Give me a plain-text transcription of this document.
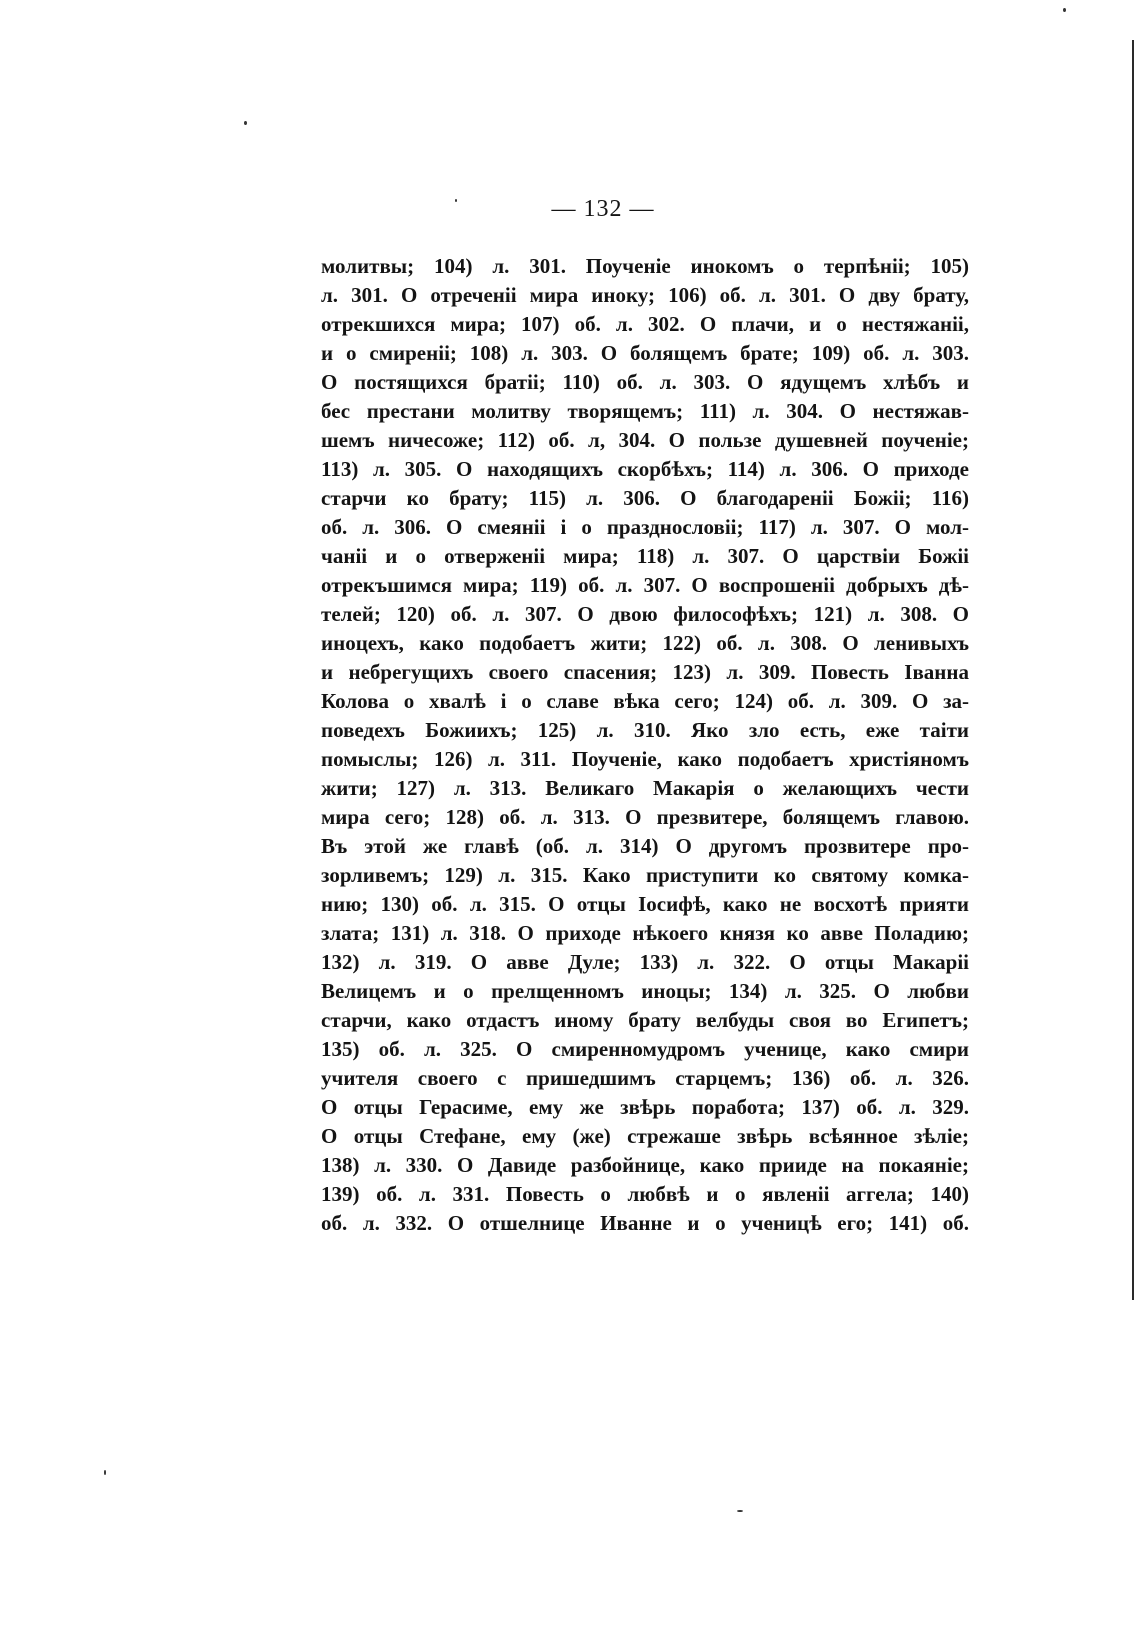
— 132 —
молитвы; 104) л. 301. Поученіе инокомъ о терпѣніі; 105)
л. 301. О отреченіі мира иноку; 106) об. л. 301. О дву брату,
отрекшихся мира; 107) об. л. 302. О плачи, и о нестяжаніі,
и о смиреніі; 108) л. 303. О болящемъ брате; 109) об. л. 303.
О постящихся братіі; 110) об. л. 303. О ядущемъ хлѣбъ и
бес престани молитву творящемъ; 111) л. 304. О нестяжав-
шемъ ничесоже; 112) об. л, 304. О пользе душевней поученіе;
113) л. 305. О находящихъ скорбѣхъ; 114) л. 306. О приходе
старчи ко брату; 115) л. 306. О благодареніі Божіі; 116)
об. л. 306. О смеяніі і о празднословіі; 117) л. 307. О мол-
чаніі и о отверженіі мира; 118) л. 307. О царствіи Божіі
отрекъшимся мира; 119) об. л. 307. О воспрошеніі добрыхъ дѣ-
телей; 120) об. л. 307. О двою философѣхъ; 121) л. 308. О
иноцехъ, како подобаетъ жити; 122) об. л. 308. О ленивыхъ
и небрегущихъ своего спасения; 123) л. 309. Повесть Іванна
Колова о хвалѣ і о славе вѣка сего; 124) об. л. 309. О за-
поведехъ Божиихъ; 125) л. 310. Яко зло есть, еже таіти
помыслы; 126) л. 311. Поученіе, како подобаетъ христіяномъ
жити; 127) л. 313. Великаго Макарія о желающихъ чести
мира сего; 128) об. л. 313. О презвитере, болящемъ главою.
Въ этой же главѣ (об. л. 314) О другомъ прозвитере про-
зорливемъ; 129) л. 315. Како приступити ко святому комка-
нию; 130) об. л. 315. О отцы Іосифѣ, како не восхотѣ прияти
злата; 131) л. 318. О приходе нѣкоего князя ко авве Поладию;
132) л. 319. О авве Дуле; 133) л. 322. О отцы Макаріі
Велицемъ и о прелщенномъ иноцы; 134) л. 325. О любви
старчи, како отдастъ иному брату велбуды своя во Египетъ;
135) об. л. 325. О смиренномудромъ ученице, како смири
учителя своего с пришедшимъ старцемъ; 136) об. л. 326.
О отцы Герасиме, ему же звѣрь поработа; 137) об. л. 329.
О отцы Стефане, ему (же) стрежаше звѣрь всѣяннoе зѣліе;
138) л. 330. О Давиде разбойнице, како прииде на покаяніе;
139) об. л. 331. Повесть о любвѣ и о явленіі аггела; 140)
об. л. 332. О отшелнице Иванне и о ученицѣ его; 141) об.
